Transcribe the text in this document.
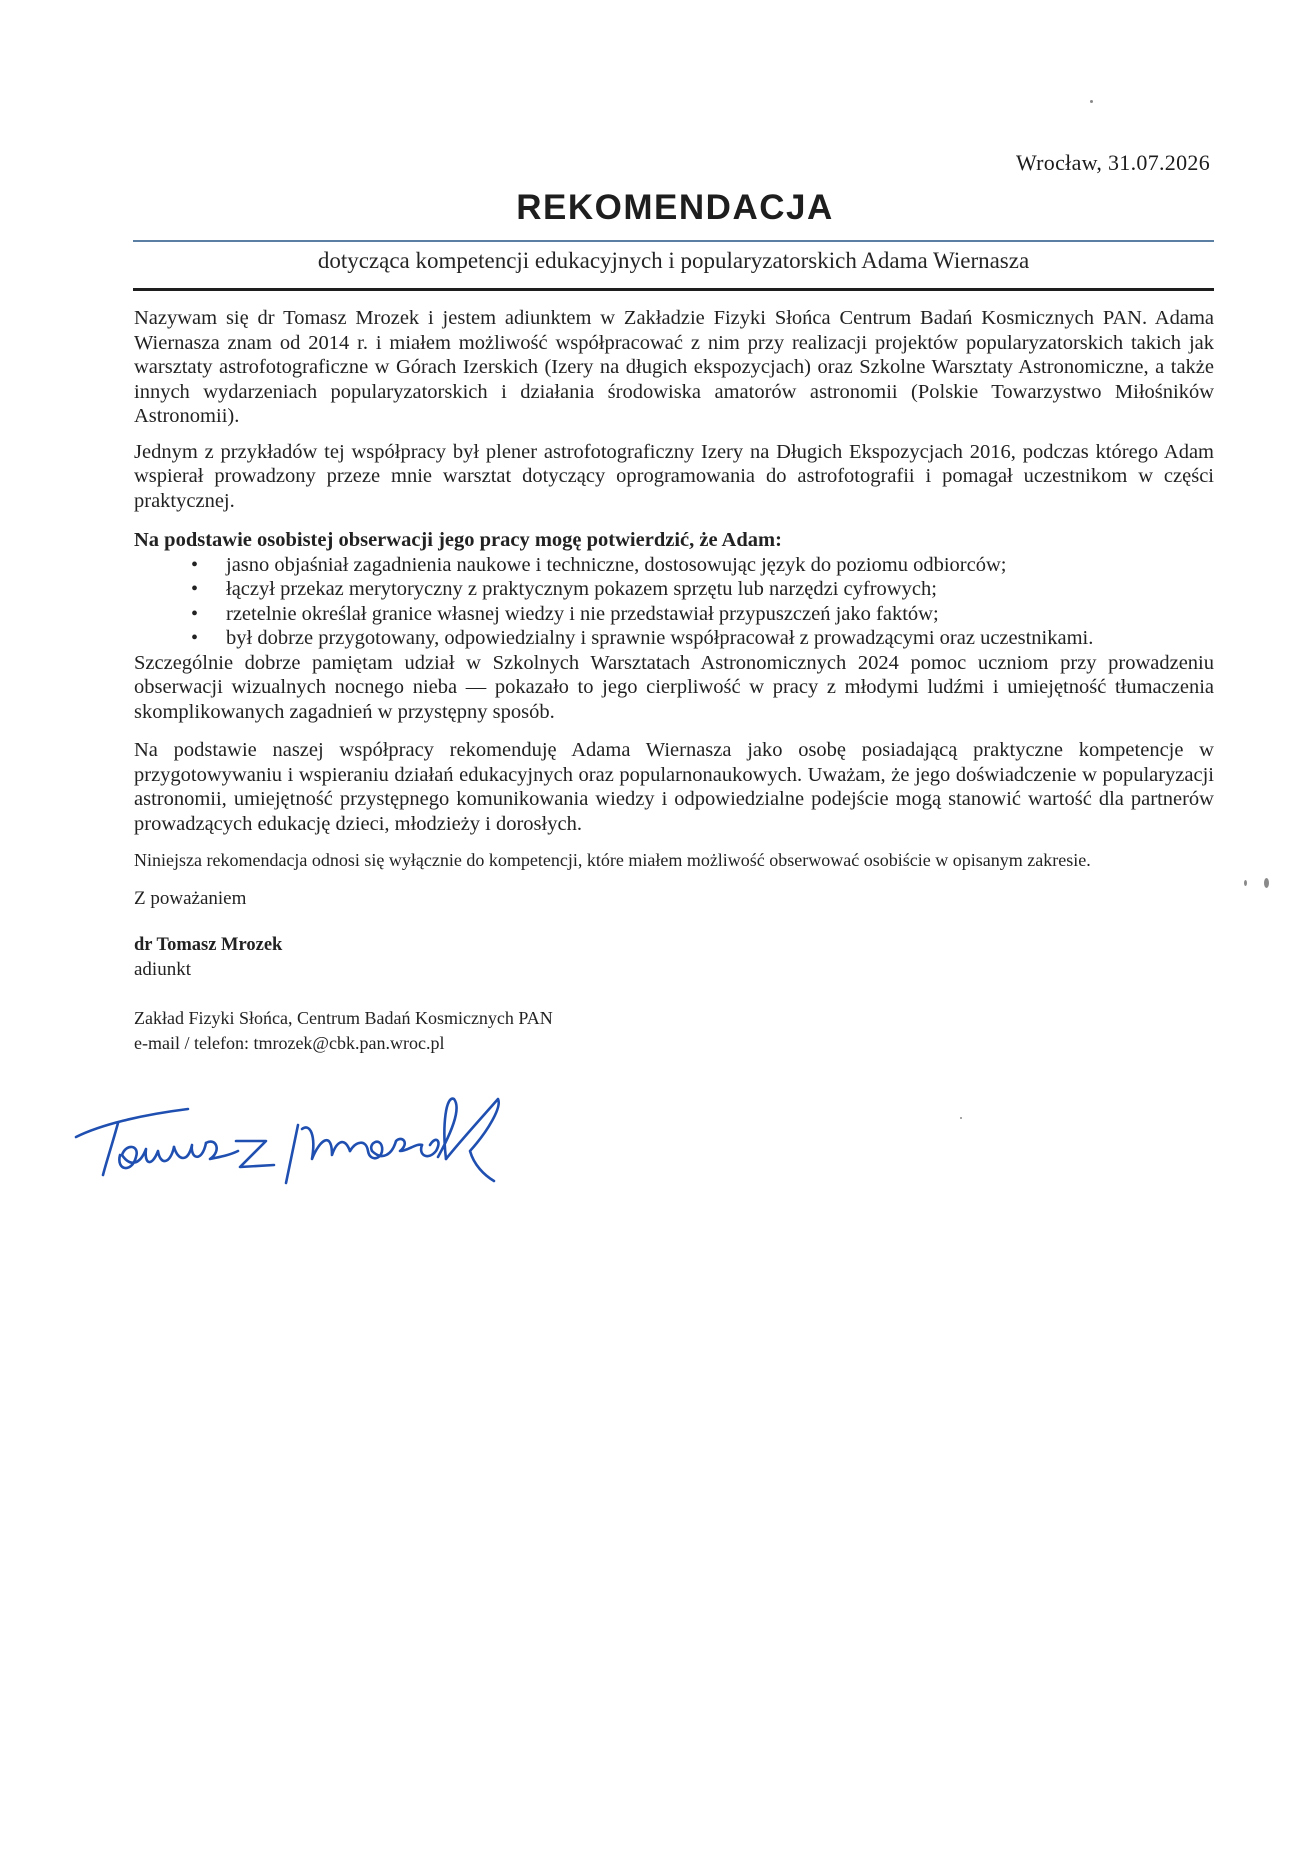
Wrocław, 31.07.2026
REKOMENDACJA
dotycząca kompetencji edukacyjnych i popularyzatorskich Adama Wiernasza

Nazywam się dr Tomasz Mrozek i jestem adiunktem w Zakładzie Fizyki Słońca Centrum Badań Kosmicznych PAN. Adama Wiernasza znam od 2014 r. i miałem możliwość współpracować z nim przy realizacji projektów popularyzatorskich takich jak warsztaty astrofotograficzne w Górach Izerskich (Izery na długich ekspozycjach) oraz Szkolne Warsztaty Astronomiczne, a także innych wydarzeniach popularyzatorskich i działania środowiska amatorów astronomii (Polskie Towarzystwo Miłośników Astronomii).

Jednym z przykładów tej współpracy był plener astrofotograficzny Izery na Długich Ekspozycjach 2016, podczas którego Adam wspierał prowadzony przeze mnie warsztat dotyczący oprogramowania do astrofotografii i pomagał uczestnikom w części praktycznej.

Na podstawie osobistej obserwacji jego pracy mogę potwierdzić, że Adam:

• jasno objaśniał zagadnienia naukowe i techniczne, dostosowując język do poziomu odbiorców;
• łączył przekaz merytoryczny z praktycznym pokazem sprzętu lub narzędzi cyfrowych;
• rzetelnie określał granice własnej wiedzy i nie przedstawiał przypuszczeń jako faktów;
• był dobrze przygotowany, odpowiedzialny i sprawnie współpracował z prowadzącymi oraz uczestnikami.

Szczególnie dobrze pamiętam udział w Szkolnych Warsztatach Astronomicznych 2024 pomoc uczniom przy prowadzeniu obserwacji wizualnych nocnego nieba — pokazało to jego cierpliwość w pracy z młodymi ludźmi i umiejętność tłumaczenia skomplikowanych zagadnień w przystępny sposób.

Na podstawie naszej współpracy rekomenduję Adama Wiernasza jako osobę posiadającą praktyczne kompetencje w przygotowywaniu i wspieraniu działań edukacyjnych oraz popularnonaukowych. Uważam, że jego doświadczenie w popularyzacji astronomii, umiejętność przystępnego komunikowania wiedzy i odpowiedzialne podejście mogą stanowić wartość dla partnerów prowadzących edukację dzieci, młodzieży i dorosłych.

Niniejsza rekomendacja odnosi się wyłącznie do kompetencji, które miałem możliwość obserwować osobiście w opisanym zakresie.

Z poważaniem

dr Tomasz Mrozek

adiunkt

Zakład Fizyki Słońca, Centrum Badań Kosmicznych PAN

e-mail / telefon: tmrozek@cbk.pan.wroc.pl
